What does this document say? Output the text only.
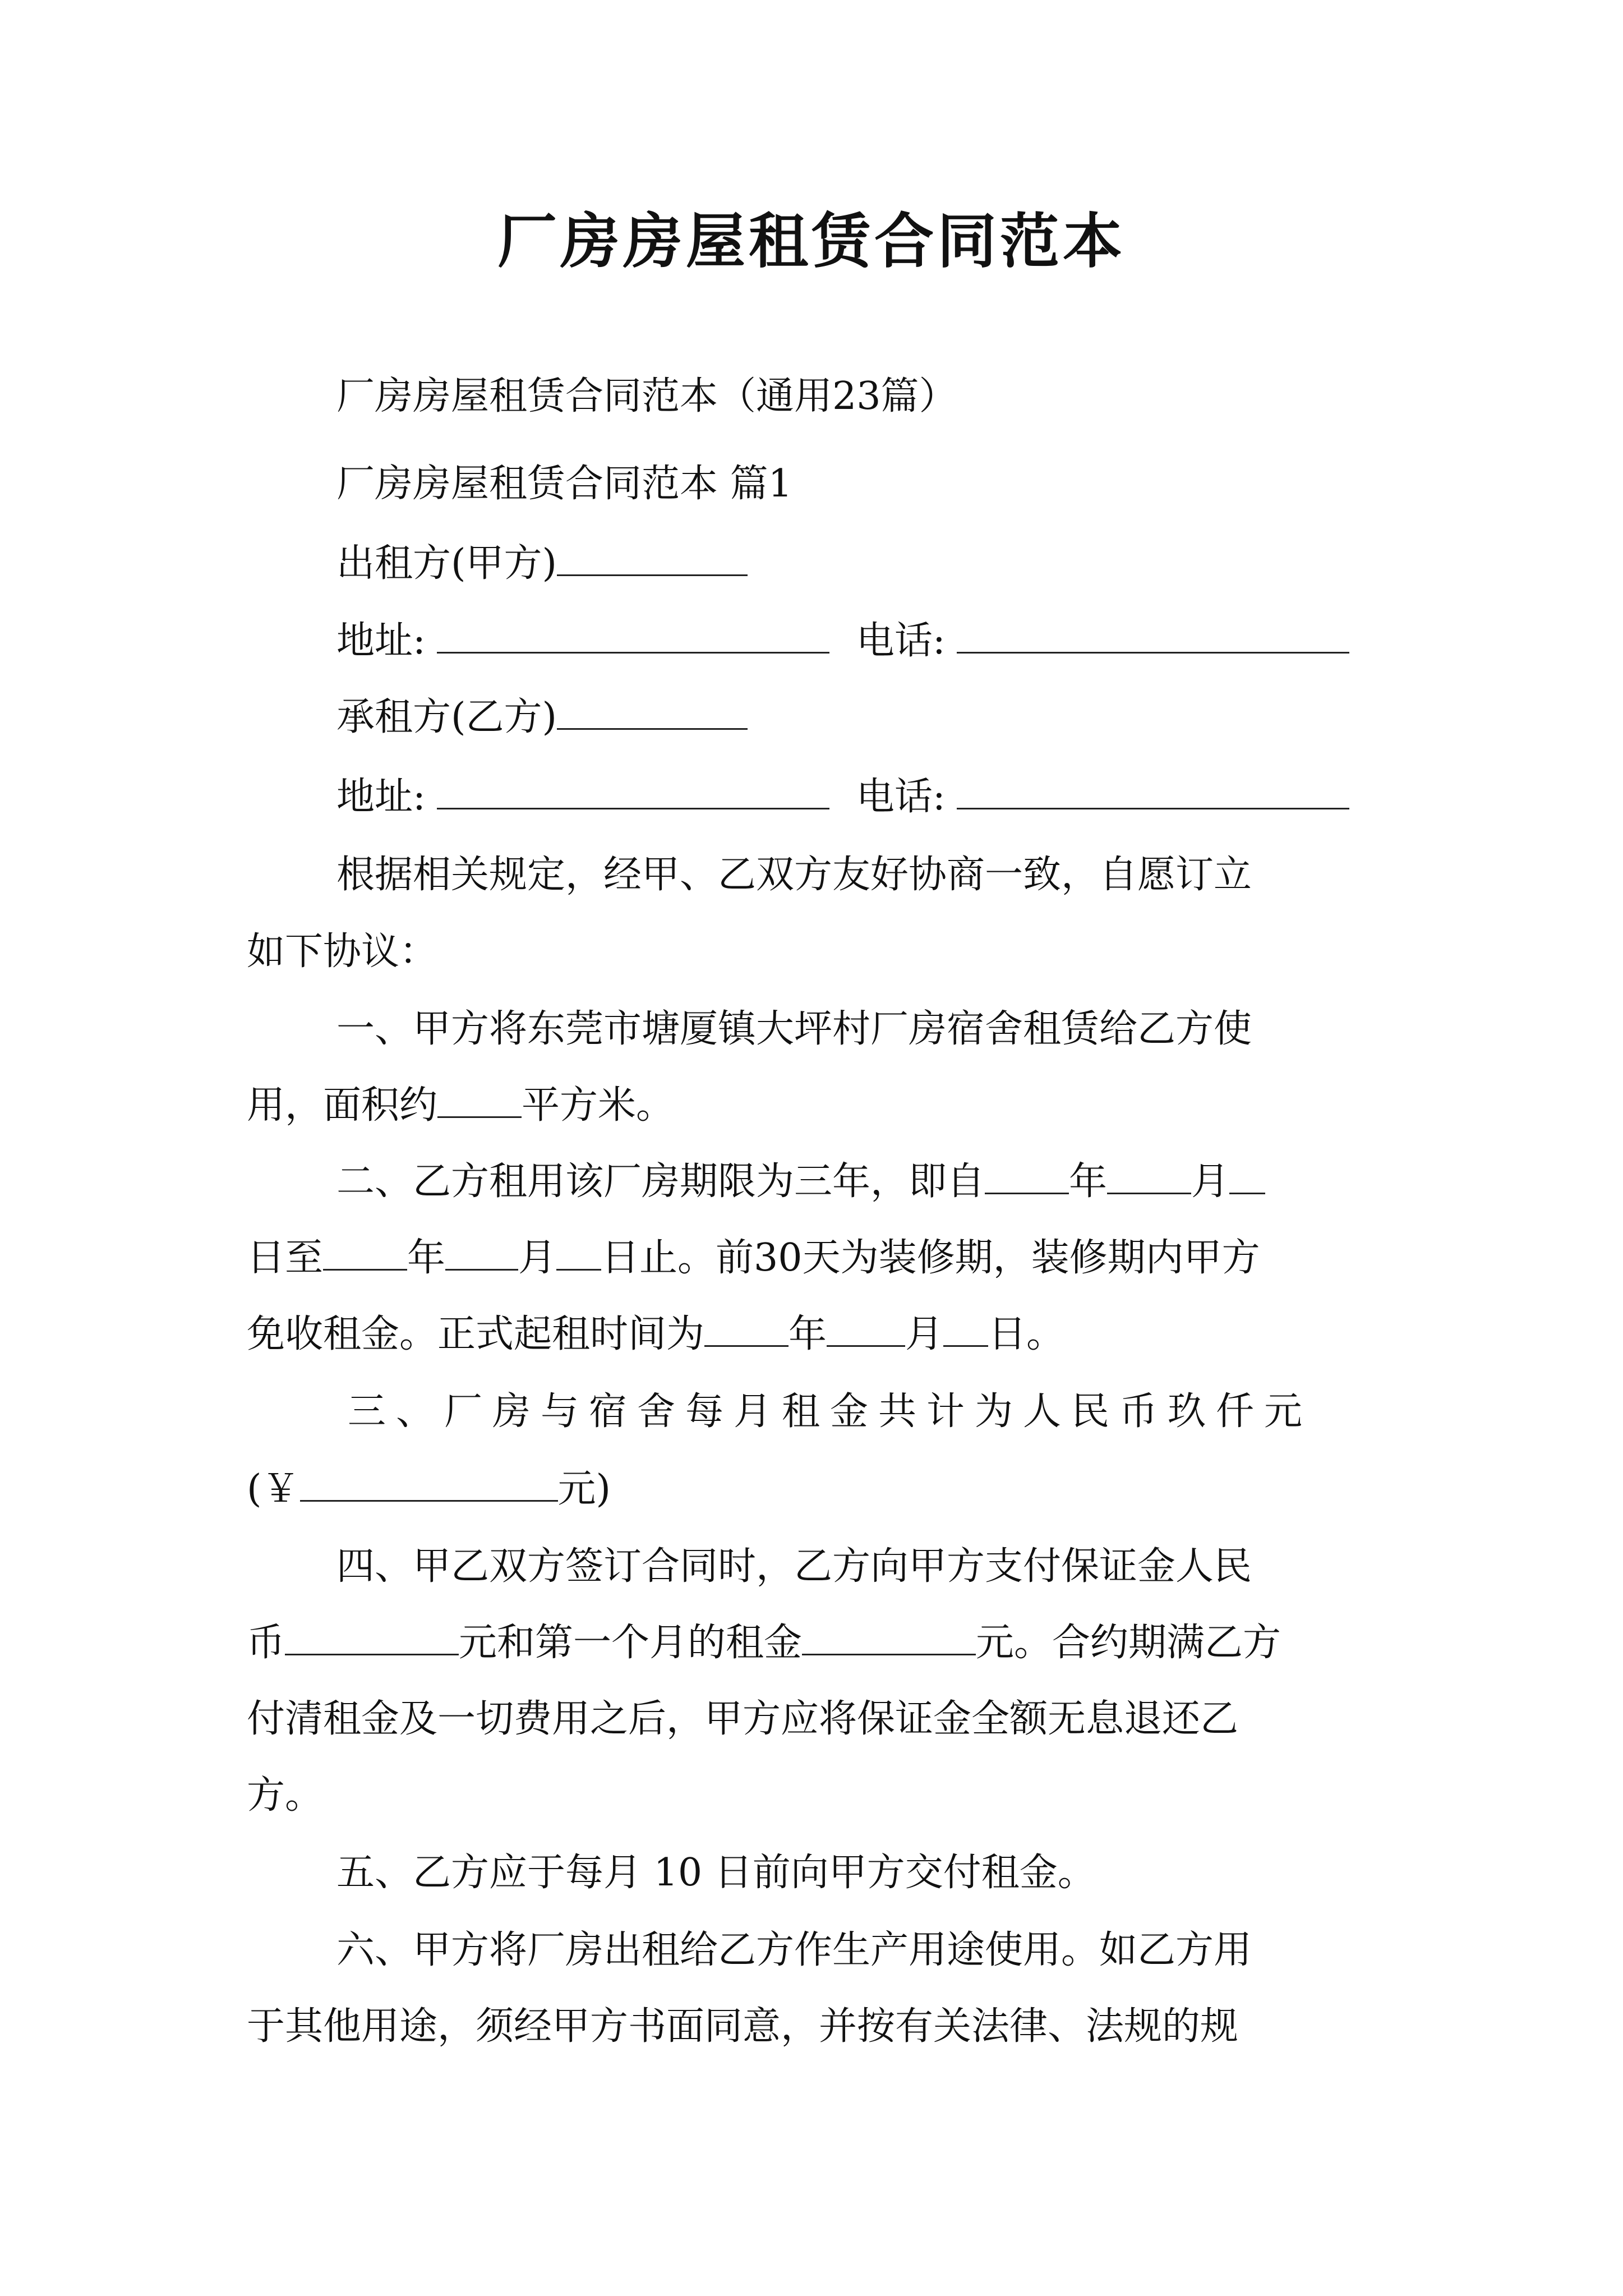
厂房房屋租赁合同范本
厂房房屋租赁合同范本（通用23篇）
厂房房屋租赁合同范本 篇1
出租方(甲方)
地址:	电话:
承租方(乙方)
地址:	电话:
根据相关规定，经甲、乙双方友好协商一致，自愿订立
如下协议：
一、甲方将东莞市塘厦镇大坪村厂房宿舍租赁给乙方使
用，面积约 平方米。
二、乙方租用该厂房期限为三年，即自 年 月
日至 年 月 日止。前30天为装修期，装修期内甲方
免收租金。正式起租时间为 年 月 日。
三、厂房与宿舍每月租金共计为人民币玖仟元
(￥	元)
四、甲乙双方签订合同时，乙方向甲方支付保证金人民
币	元和第一个月的租金	元。合约期满乙方
付清租金及一切费用之后，甲方应将保证金全额无息退还乙
方。
五、乙方应于每月 10 日前向甲方交付租金。
六、甲方将厂房出租给乙方作生产用途使用。如乙方用
于其他用途，须经甲方书面同意，并按有关法律、法规的规
